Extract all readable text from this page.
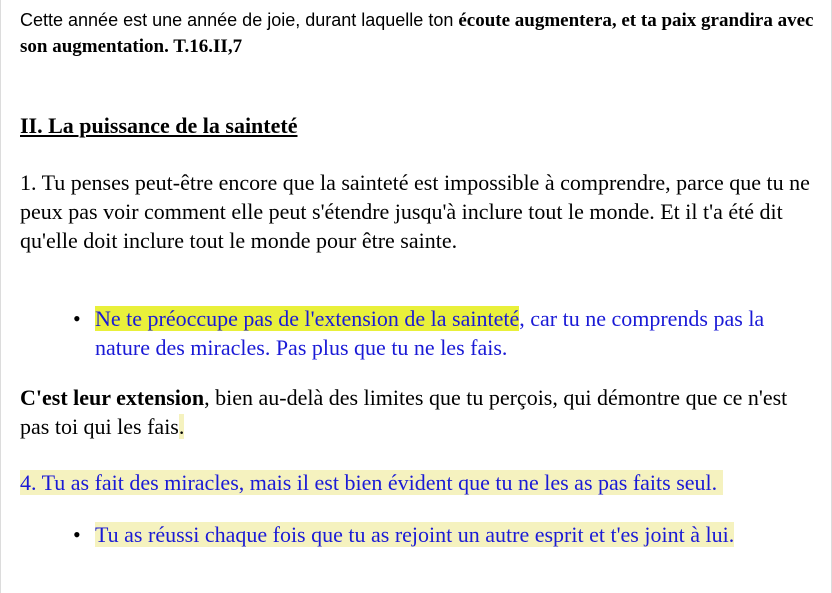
Cette année est une année de joie, durant laquelle ton écoute augmentera, et ta paix grandira avec son augmentation. T.16.II,7
II. La puissance de la sainteté
1. Tu penses peut-être encore que la sainteté est impossible à comprendre, parce que tu ne peux pas voir comment elle peut s'étendre jusqu'à inclure tout le monde. Et il t'a été dit qu'elle doit inclure tout le monde pour être sainte.
• Ne te préoccupe pas de l'extension de la sainteté, car tu ne comprends pas la nature des miracles. Pas plus que tu ne les fais.
C'est leur extension, bien au-delà des limites que tu perçois, qui démontre que ce n'est pas toi qui les fais.
4. Tu as fait des miracles, mais il est bien évident que tu ne les as pas faits seul.
• Tu as réussi chaque fois que tu as rejoint un autre esprit et t'es joint à lui.
